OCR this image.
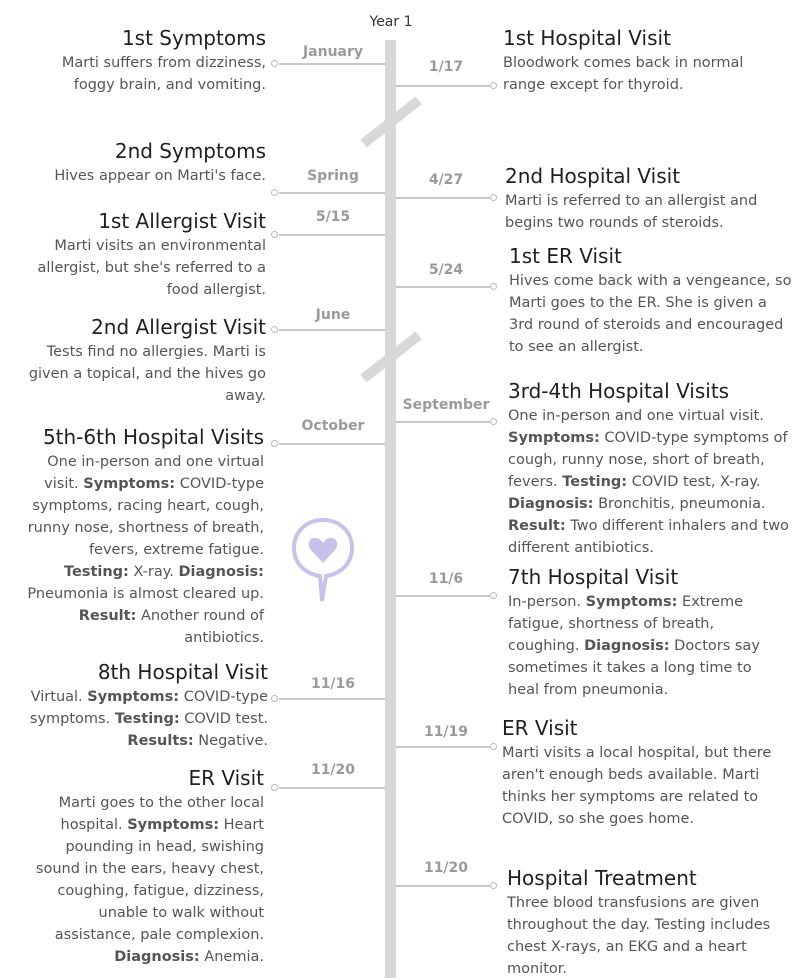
Year 1
January
1st Symptoms
Marti suffers from dizziness, foggy brain, and vomiting.
Spring
2nd Symptoms
Hives appear on Marti's face.
5/15
1st Allergist Visit
Marti visits an environmental allergist, but she's referred to a food allergist.
June
2nd Allergist Visit
Tests find no allergies. Marti is given a topical, and the hives go away.
October
5th-6th Hospital Visits
One in-person and one virtual visit. Symptoms: COVID-type symptoms, racing heart, cough, runny nose, shortness of breath, fevers, extreme fatigue. Testing: X-ray. Diagnosis: Pneumonia is almost cleared up. Result: Another round of antibiotics.
11/16
8th Hospital Visit
Virtual. Symptoms: COVID-type symptoms. Testing: COVID test. Results: Negative.
11/20
ER Visit
Marti goes to the other local hospital. Symptoms: Heart pounding in head, swishing sound in the ears, heavy chest, coughing, fatigue, dizziness, unable to walk without assistance, pale complexion. Diagnosis: Anemia.
1/17
1st Hospital Visit
Bloodwork comes back in normal range except for thyroid.
4/27	2nd Hospital Visit
Marti is referred to an allergist and begins two rounds of steroids.
5/24
1st ER Visit
Hives come back with a vengeance, so Marti goes to the ER. She is given a 3rd round of steroids and encouraged to see an allergist.
September
3rd-4th Hospital Visits
One in-person and one virtual visit. Symptoms: COVID-type symptoms of cough, runny nose, short of breath, fevers. Testing: COVID test, X-ray. Diagnosis: Bronchitis, pneumonia. Result: Two different inhalers and two different antibiotics.
11/6	7th Hospital Visit
In-person. Symptoms: Extreme fatigue, shortness of breath, coughing. Diagnosis: Doctors say sometimes it takes a long time to heal from pneumonia.
11/19	ER Visit
Marti visits a local hospital, but there aren't enough beds available. Marti thinks her symptoms are related to COVID, so she goes home.
11/20	Hospital Treatment
Three blood transfusions are given throughout the day. Testing includes chest X-rays, an EKG and a heart monitor.
